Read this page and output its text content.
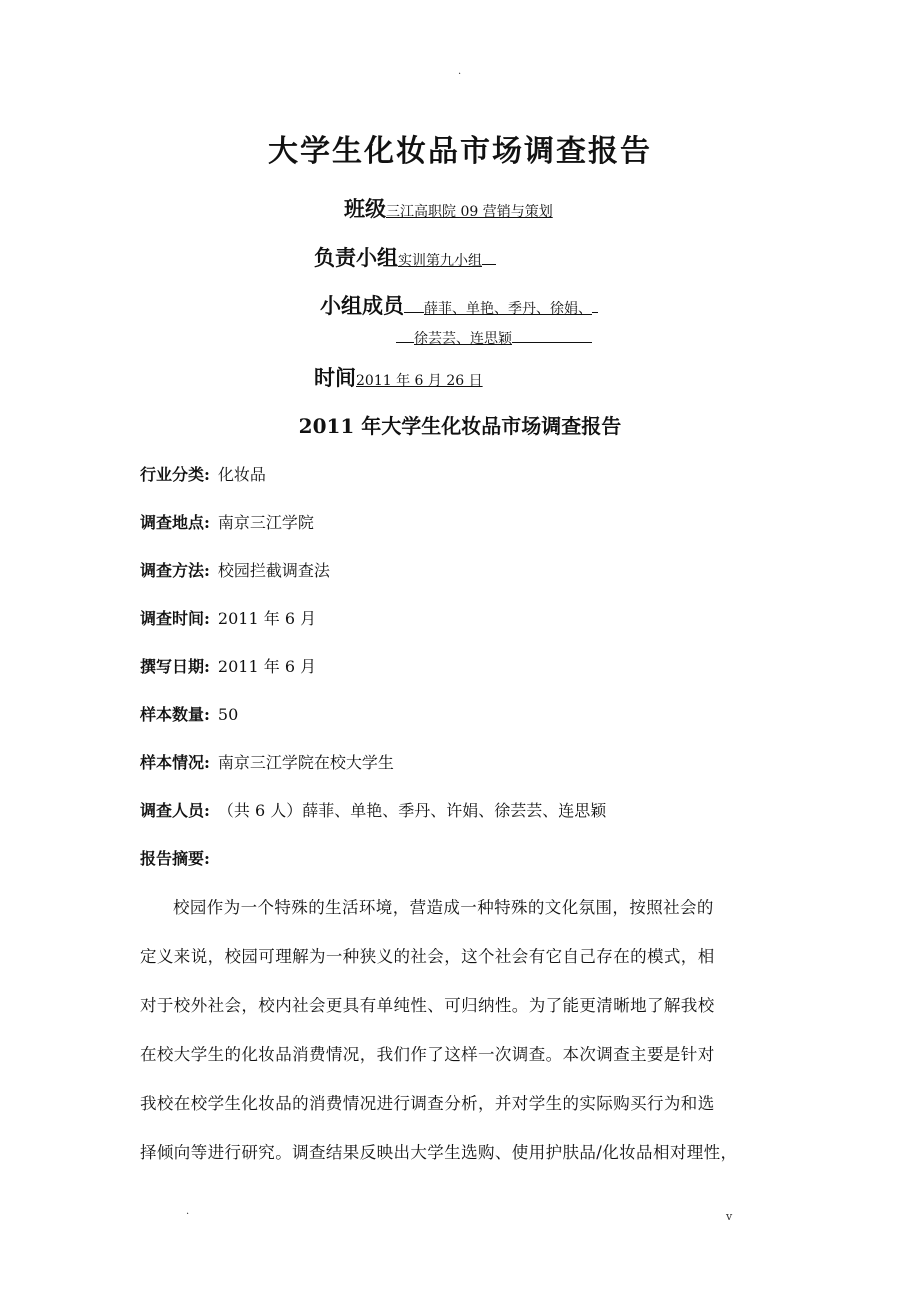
.
大学生化妆品市场调查报告
班级三江高职院 09 营销与策划
负责小组实训第九小组
小组成员 薛菲、单艳、季丹、徐娟、
徐芸芸、连思颖
时间2011 年 6 月 26 日
2011 年大学生化妆品市场调查报告
行业分类: 化妆品
调查地点: 南京三江学院
调查方法: 校园拦截调查法
调查时间: 2011 年 6 月
撰写日期: 2011 年 6 月
样本数量: 50
样本情况: 南京三江学院在校大学生
调查人员: （共 6 人）薛菲、单艳、季丹、许娟、徐芸芸、连思颖
报告摘要:
校园作为一个特殊的生活环境，营造成一种特殊的文化氛围，按照社会的
定义来说，校园可理解为一种狭义的社会，这个社会有它自己存在的模式，相
对于校外社会，校内社会更具有单纯性、可归纳性。为了能更清晰地了解我校
在校大学生的化妆品消费情况，我们作了这样一次调查。本次调查主要是针对
我校在校学生化妆品的消费情况进行调查分析，并对学生的实际购买行为和选
择倾向等进行研究。调查结果反映出大学生选购、使用护肤品/化妆品相对理性，
.	v
